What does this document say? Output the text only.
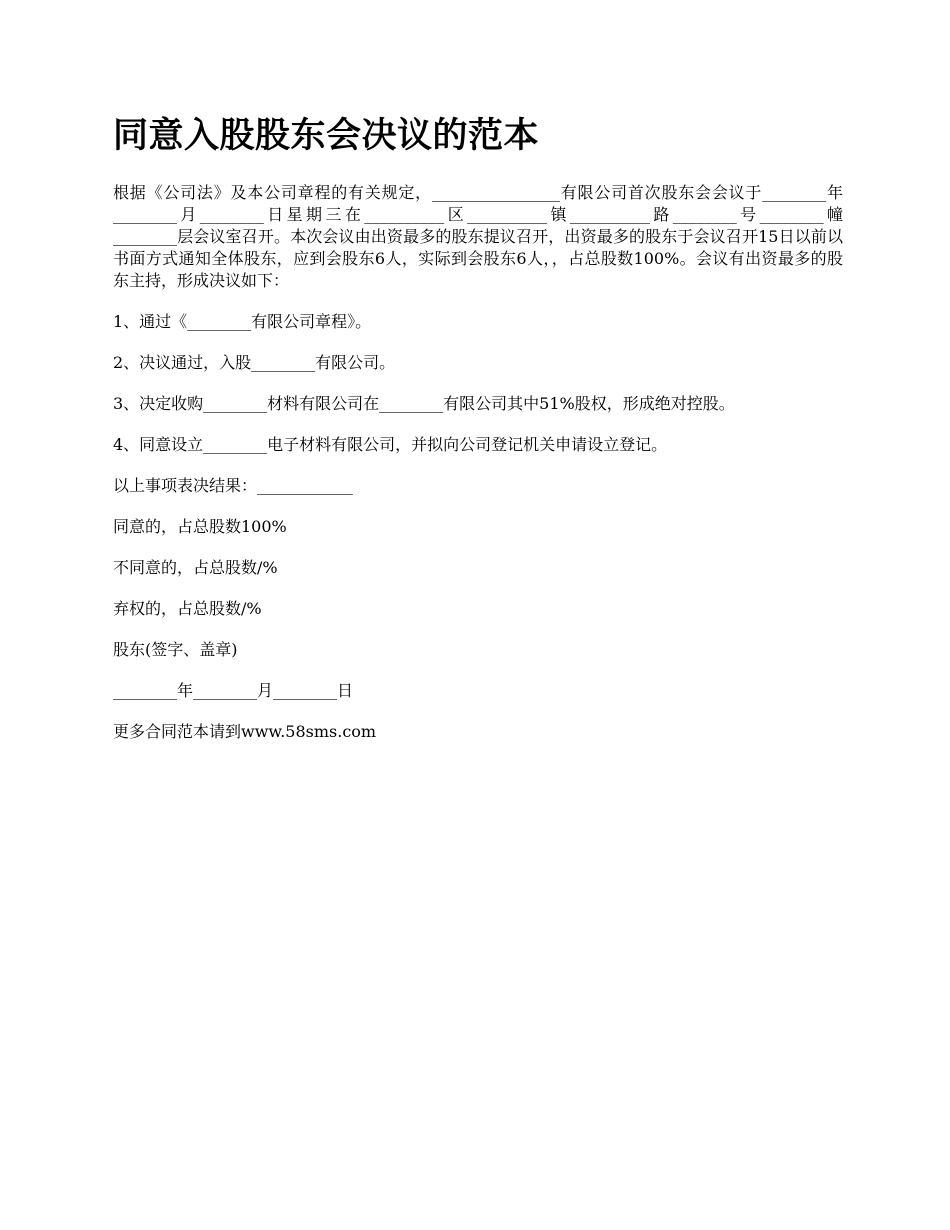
同意入股股东会决议的范本

根据《公司法》及本公司章程的有关规定，________________有限公司首次股东会会议于________年________月________日星期三在__________区__________镇__________路________号________幢________层会议室召开。本次会议由出资最多的股东提议召开，出资最多的股东于会议召开15日以前以书面方式通知全体股东，应到会股东6人，实际到会股东6人，，占总股数100%。会议有出资最多的股东主持，形成决议如下：

1、通过《________有限公司章程》。

2、决议通过，入股________有限公司。

3、决定收购________材料有限公司在________有限公司其中51%股权，形成绝对控股。

4、同意设立________电子材料有限公司，并拟向公司登记机关申请设立登记。

以上事项表决结果：____________

同意的，占总股数100%

不同意的，占总股数/%

弃权的，占总股数/%

股东(签字、盖章)

________年________月________日

更多合同范本请到www.58sms.com
